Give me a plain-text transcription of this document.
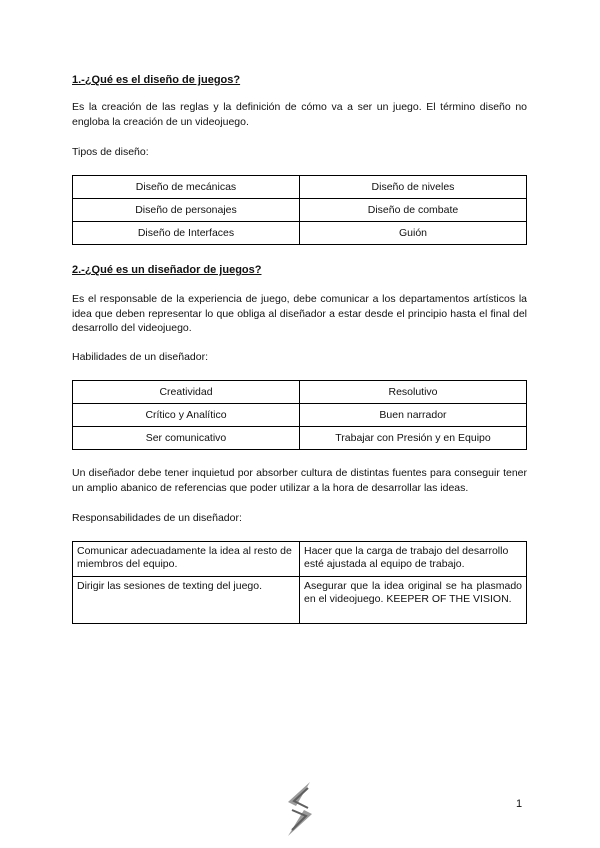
1.-¿Qué es el diseño de juegos?
Es la creación de las reglas y la definición de cómo va a ser un juego. El término diseño no engloba la creación de un videojuego.
Tipos de diseño:
Diseño de mecánicas	Diseño de niveles
Diseño de personajes	Diseño de combate
Diseño de Interfaces	Guión
2.-¿Qué es un diseñador de juegos?
Es el responsable de la experiencia de juego, debe comunicar a los departamentos artísticos la idea que deben representar lo que obliga al diseñador a estar desde el principio hasta el final del desarrollo del videojuego.
Habilidades de un diseñador:
Creatividad	Resolutivo
Crítico y Analítico	Buen narrador
Ser comunicativo	Trabajar con Presión y en Equipo
Un diseñador debe tener inquietud por absorber cultura de distintas fuentes para conseguir tener un amplio abanico de referencias que poder utilizar a la hora de desarrollar las ideas.
Responsabilidades de un diseñador:
Comunicar adecuadamente la idea al resto de miembros del equipo.	Hacer que la carga de trabajo del desarrollo esté ajustada al equipo de trabajo.
Dirigir las sesiones de texting del juego.	Asegurar que la idea original se ha plasmado en el videojuego. KEEPER OF THE VISION.
1
